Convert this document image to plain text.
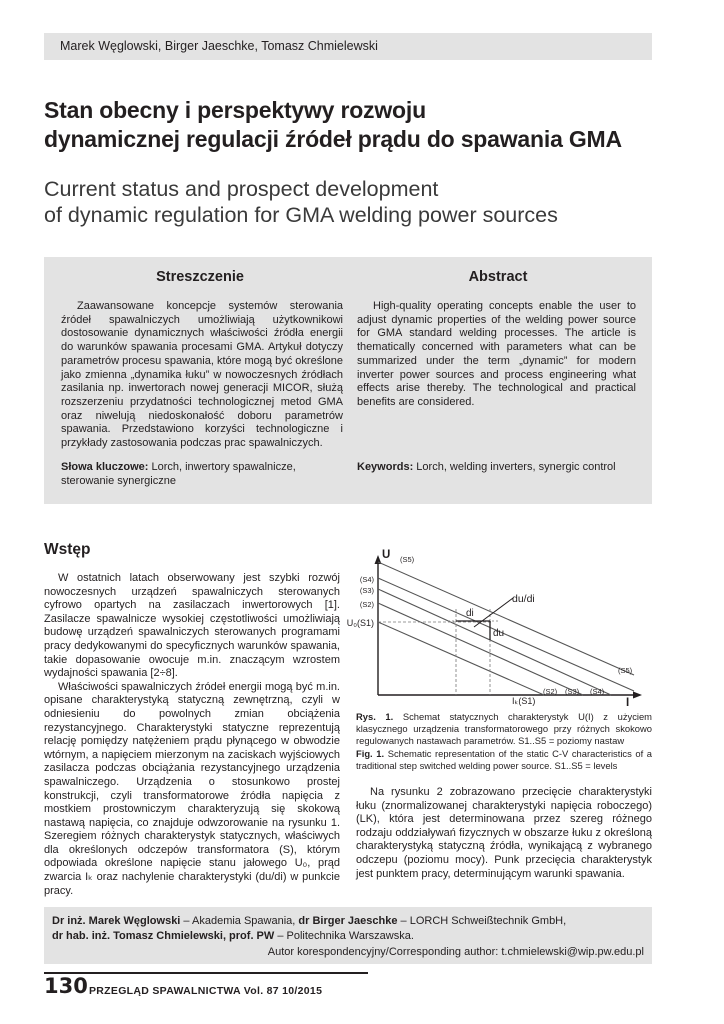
Marek Węglowski, Birger Jaeschke, Tomasz Chmielewski
Stan obecny i perspektywy rozwoju
dynamicznej regulacji źródeł prądu do spawania GMA
Current status and prospect development
of dynamic regulation for GMA welding power sources
Streszczenie
Zaawansowane koncepcje systemów sterowania źródeł spawalniczych umożliwiają użytkownikowi dostosowanie dynamicznych właściwości źródła energii do warunków spawania procesami GMA. Artykuł dotyczy parametrów procesu spawania, które mogą być określone jako zmienna „dynamika łuku” w nowoczesnych źródłach zasilania np. inwertorach nowej generacji MICOR, służą rozszerzeniu przydatności technologicznej metod GMA oraz niwelują niedoskonałość doboru parametrów spawania. Przedstawiono korzyści technologiczne i przykłady zastosowania podczas prac spawalniczych.
Słowa kluczowe: Lorch, inwertory spawalnicze, sterowanie synergiczne
Abstract
High-quality operating concepts enable the user to adjust dynamic properties of the welding power source for GMA standard welding processes. The article is thematically concerned with parameters what can be summarized under the term „dynamic” for modern inverter power sources and process engineering what effects arise thereby. The technological and practical benefits are considered.
Keywords: Lorch, welding inverters, synergic control
Wstęp

W ostatnich latach obserwowany jest szybki rozwój nowoczesnych urządzeń spawalniczych sterowanych cyfrowo opartych na zasilaczach inwertorowych [1]. Zasilacze spawalnicze wysokiej częstotliwości umożliwiają budowę urządzeń spawalniczych sterowanych programami pracy dedykowanymi do specyficznych warunków spawania, takie dopasowanie owocuje m.in. znaczącym wzrostem wydajności spawania [2÷8].

Właściwości spawalniczych źródeł energii mogą być m.in. opisane charakterystyką statyczną zewnętrzną, czyli w odniesieniu do powolnych zmian obciążenia rezystancyjnego. Charakterystyki statyczne reprezentują relację pomiędzy natężeniem prądu płynącego w obwodzie wtórnym, a napięciem mierzonym na zaciskach wyjściowych zasilacza podczas obciążania rezystancyjnego urządzenia spawalniczego. Urządzenia o stosunkowo prostej konstrukcji, czyli transformatorowe źródła napięcia z mostkiem prostowniczym charakteryzują się skokową nastawą napięcia, co znajduje odwzorowanie na rysunku 1. Szeregiem różnych charakterystyk statycznych, właściwych dla określonych odczepów transformatora (S), którym odpowiada określone napięcie stanu jałowego U₀, prąd zwarcia Iₖ oraz nachylenie charakterystyki (du/di) w punkcie pracy.

U (S5)
(S4)
(S3)
(S2)
U₀(S1)
di
du
du/di
(S5)
Iₖ(S1)
(S2) (S3) (S4)
I
Rys. 1. Schemat statycznych charakterystyk U(I) z użyciem klasycznego urządzenia transformatorowego przy różnych skokowo regulowanych nastawach parametrów. S1..S5 = poziomy nastaw
Fig. 1. Schematic representation of the static C-V characteristics of a traditional step switched welding power source. S1..S5 = levels

Na rysunku 2 zobrazowano przecięcie charakterystyki łuku (znormalizowanej charakterystyki napięcia roboczego) (LK), która jest determinowana przez szereg różnego rodzaju oddziaływań fizycznych w obszarze łuku z określoną charakterystyką statyczną źródła, wynikającą z wybranego odczepu (poziomu mocy). Punk przecięcia charakterystyk jest punktem pracy, determinującym warunki spawania.

Dr inż. Marek Węglowski – Akademia Spawania, dr Birger Jaeschke – LORCH Schweißtechnik GmbH,
dr hab. inż. Tomasz Chmielewski, prof. PW – Politechnika Warszawska.
Autor korespondencyjny/Corresponding author: t.chmielewski@wip.pw.edu.pl
130 PRZEGLĄD SPAWALNICTWA Vol. 87 10/2015
